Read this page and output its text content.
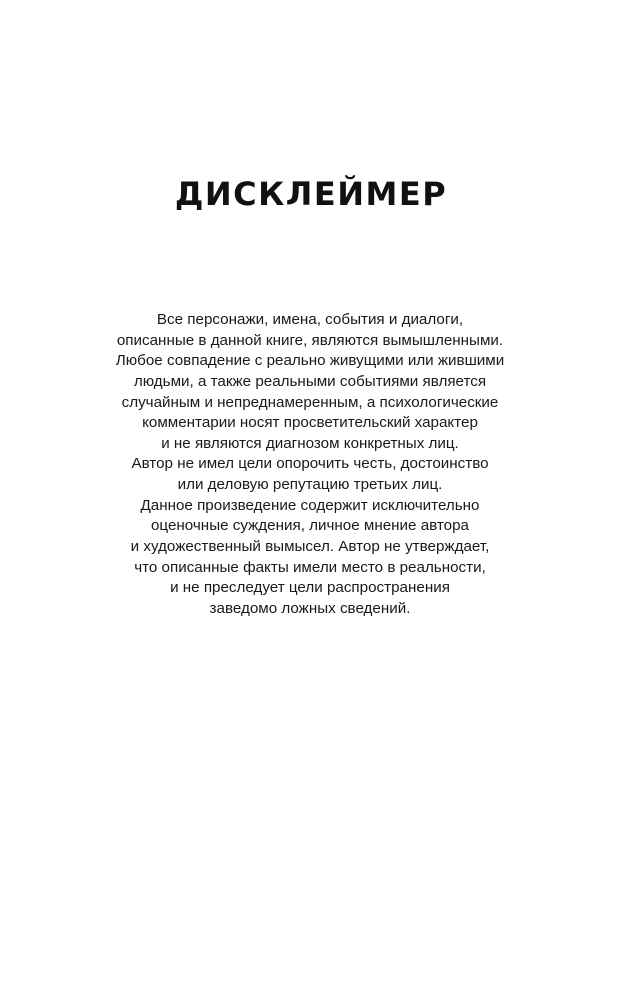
ДИСКЛЕЙМЕР
Все персонажи, имена, события и диалоги,
описанные в данной книге, являются вымышленными.
Любое совпадение с реально живущими или жившими
людьми, а также реальными событиями является
случайным и непреднамеренным, а психологические
комментарии носят просветительский характер
и не являются диагнозом конкретных лиц.
Автор не имел цели опорочить честь, достоинство
или деловую репутацию третьих лиц.
Данное произведение содержит исключительно
оценочные суждения, личное мнение автора
и художественный вымысел. Автор не утверждает,
что описанные факты имели место в реальности,
и не преследует цели распространения
заведомо ложных сведений.
